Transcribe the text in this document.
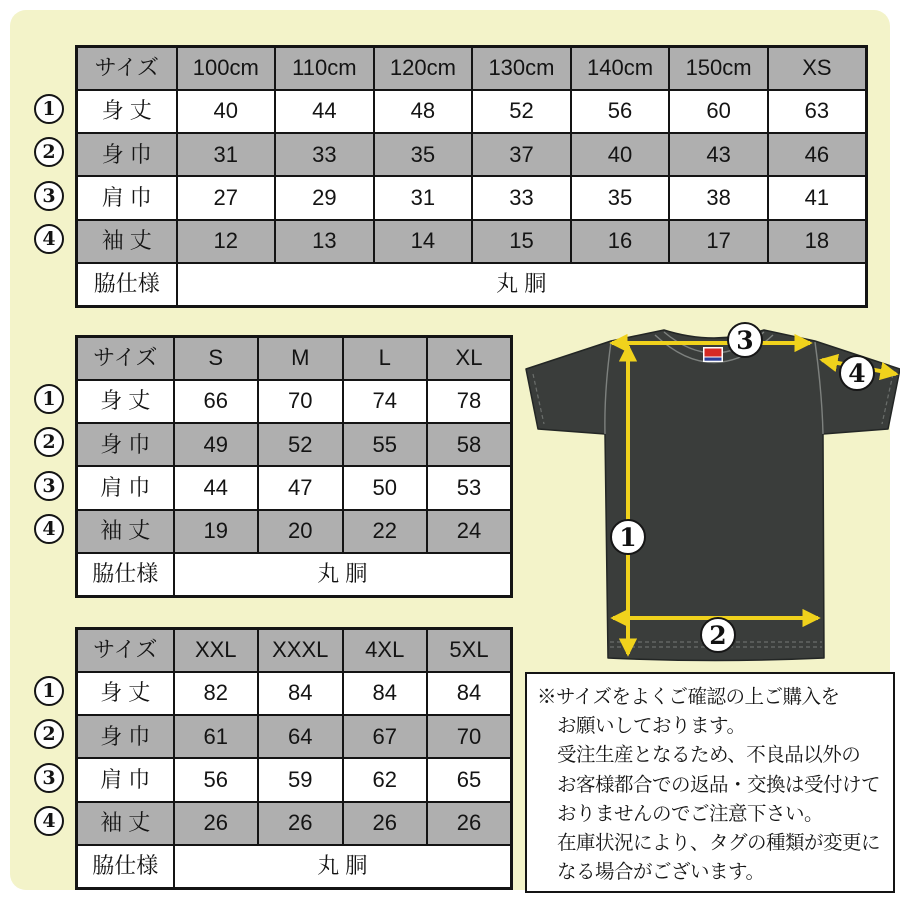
1
2
3
4
サイズ	100cm	110cm	120cm	130cm	140cm	150cm	XS
身 丈	40	44	48	52	56	60	63
身 巾	31	33	35	37	40	43	46
肩 巾	27	29	31	33	35	38	41
袖 丈	12	13	14	15	16	17	18
脇仕様	丸 胴						
1
2
3
4
サイズ	S	M	L	XL
身 丈	66	70	74	78
身 巾	49	52	55	58
肩 巾	44	47	50	53
袖 丈	19	20	22	24
脇仕様	丸 胴			
1
2
3
4
サイズ	XXL	XXXL	4XL	5XL
身 丈	82	84	84	84
身 巾	61	64	67	70
肩 巾	56	59	62	65
袖 丈	26	26	26	26
脇仕様	丸 胴			
1
2
3
4

※サイズをよくご確認の上ご購入を

お願いしております。

受注生産となるため、不良品以外の

お客様都合での返品・交換は受付けて

おりませんのでご注意下さい。

在庫状況により、タグの種類が変更に

なる場合がございます。
